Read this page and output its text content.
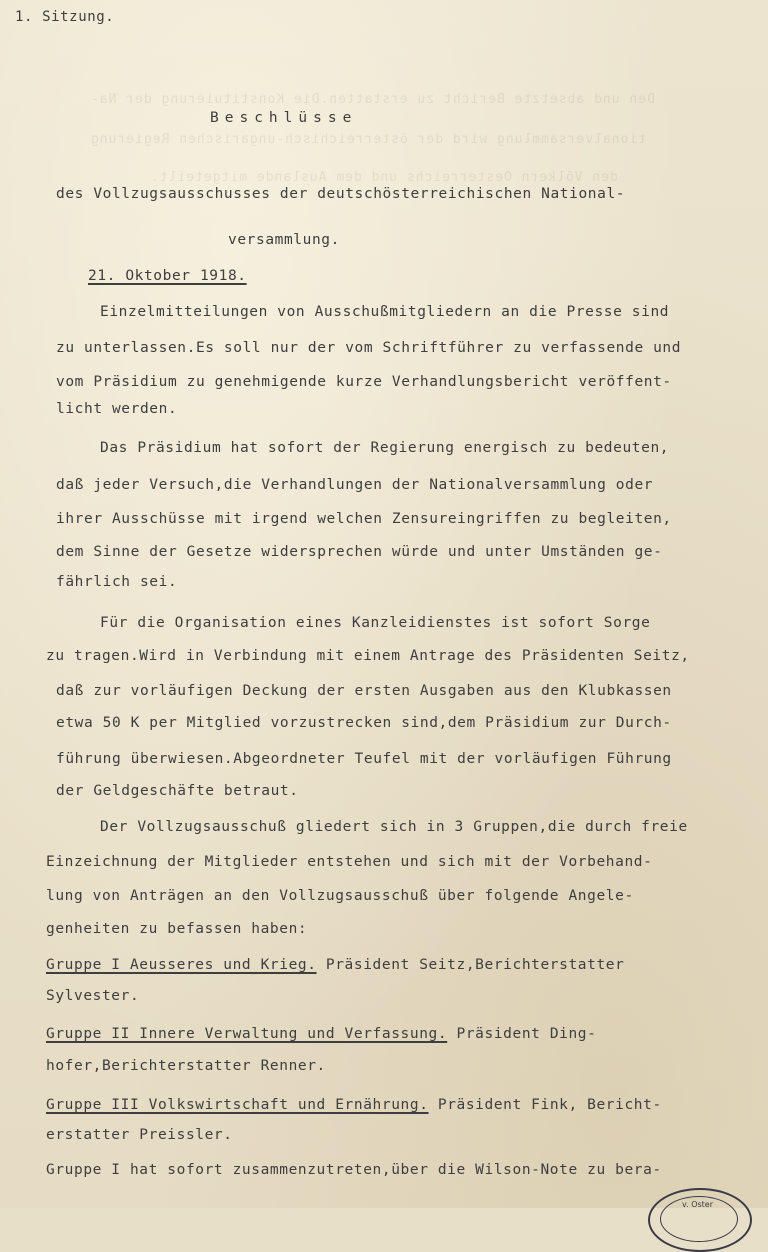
Den und absetzte Bericht zu erstatten.Die Konstituierung der Na-
tionalversammlung wird der österreichisch-ungarischen Regierung
den Völkern Oesterreichs und dem Auslande mitgeteilt.
1. Sitzung.
Beschlüsse
des Vollzugsausschusses der deutschösterreichischen National-
versammlung.
21. Oktober 1918.
Einzelmitteilungen von Ausschußmitgliedern an die Presse sind
zu unterlassen.Es soll nur der vom Schriftführer zu verfassende und
vom Präsidium zu genehmigende kurze Verhandlungsbericht veröffent-
licht werden.
Das Präsidium hat sofort der Regierung energisch zu bedeuten,
daß jeder Versuch,die Verhandlungen der Nationalversammlung oder
ihrer Ausschüsse mit irgend welchen Zensureingriffen zu begleiten,
dem Sinne der Gesetze widersprechen würde und unter Umständen ge-
fährlich sei.
Für die Organisation eines Kanzleidienstes ist sofort Sorge
zu tragen.Wird in Verbindung mit einem Antrage des Präsidenten Seitz,
daß zur vorläufigen Deckung der ersten Ausgaben aus den Klubkassen
etwa 50 K per Mitglied vorzustrecken sind,dem Präsidium zur Durch-
führung überwiesen.Abgeordneter Teufel mit der vorläufigen Führung
der Geldgeschäfte betraut.
Der Vollzugsausschuß gliedert sich in 3 Gruppen,die durch freie
Einzeichnung der Mitglieder entstehen und sich mit der Vorbehand-
lung von Anträgen an den Vollzugsausschuß über folgende Angele-
genheiten zu befassen haben:
Gruppe I Aeusseres und Krieg. Präsident Seitz,Berichterstatter
Sylvester.
Gruppe II Innere Verwaltung und Verfassung. Präsident Ding-
hofer,Berichterstatter Renner.
Gruppe III Volkswirtschaft und Ernährung. Präsident Fink, Bericht-
erstatter Preissler.
Gruppe I hat sofort zusammenzutreten,über die Wilson-Note zu bera-
v. Oster
